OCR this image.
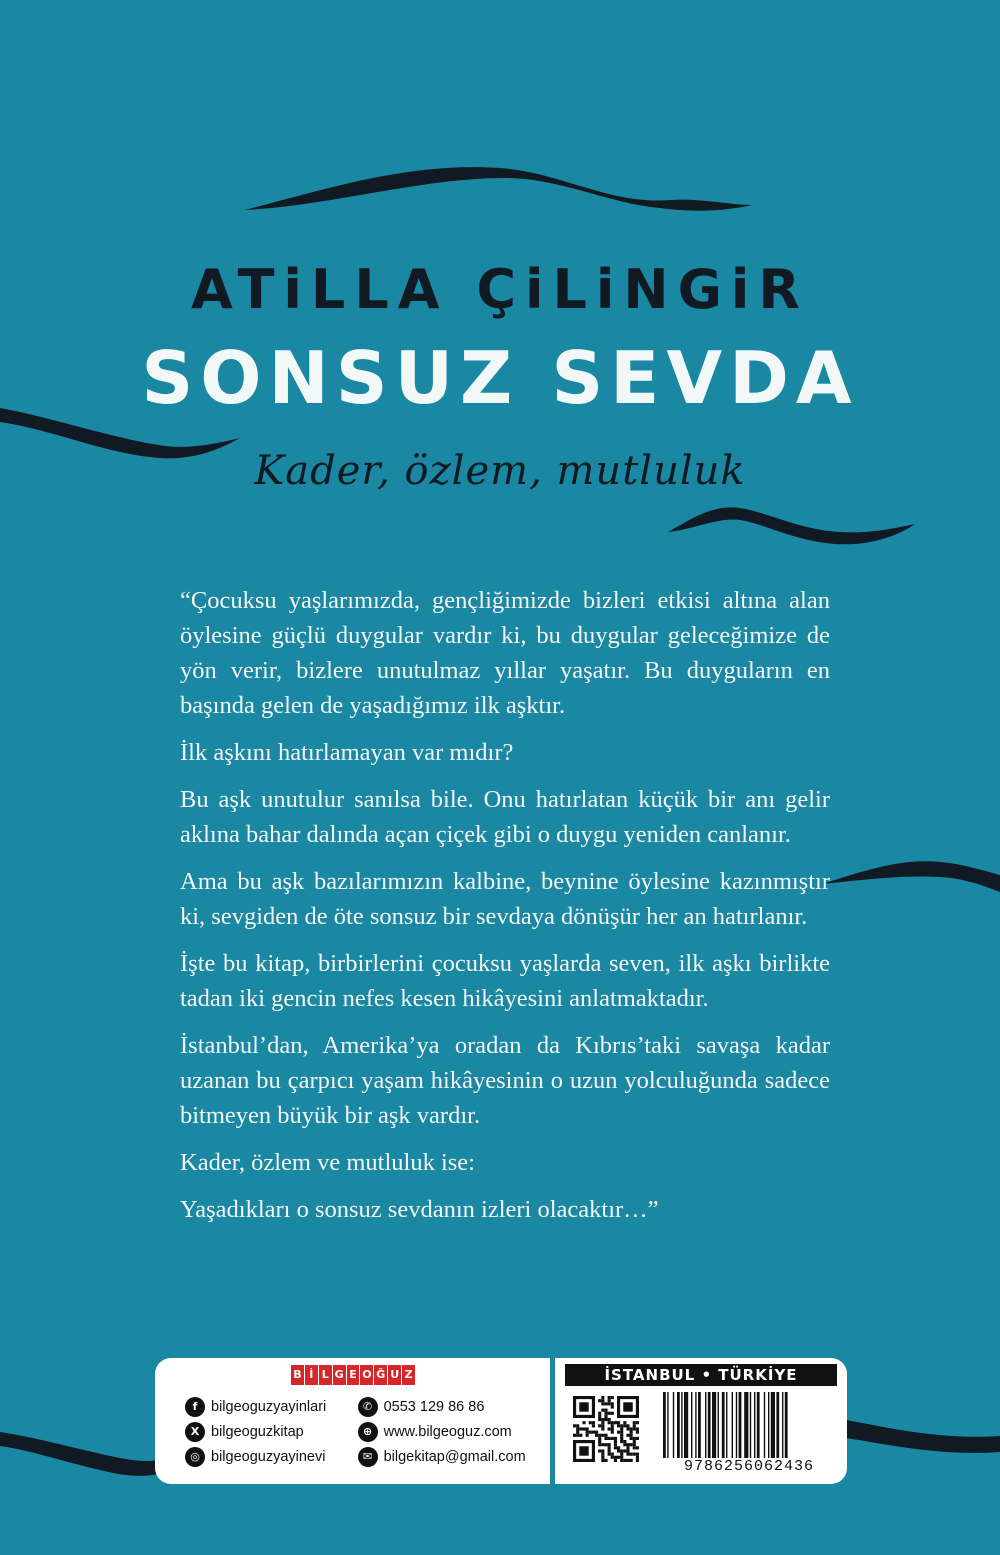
ATiLLA ÇiLiNGiR
SONSUZ SEVDA
Kader, özlem, mutluluk

“Çocuksu yaşlarımızda, gençliğimizde bizleri etkisi altına alan öylesine güçlü duygular vardır ki, bu duygular geleceğimize de yön verir, bizlere unutulmaz yıllar yaşatır. Bu duyguların en başında gelen de yaşadığımız ilk aşktır.

İlk aşkını hatırlamayan var mıdır?

Bu aşk unutulur sanılsa bile. Onu hatırlatan küçük bir anı gelir aklına bahar dalında açan çiçek gibi o duygu yeniden canlanır.

Ama bu aşk bazılarımızın kalbine, beynine öylesine kazınmıştır ki, sevgiden de öte sonsuz bir sevdaya dönüşür her an hatırlanır.

İşte bu kitap, birbirlerini çocuksu yaşlarda seven, ilk aşkı birlikte tadan iki gencin nefes kesen hikâyesini anlatmaktadır.

İstanbul’dan, Amerika’ya oradan da Kıbrıs’taki savaşa kadar uzanan bu çarpıcı yaşam hikâyesinin o uzun yolculuğunda sadece bitmeyen büyük bir aşk vardır.

Kader, özlem ve mutluluk ise:

Yaşadıkları o sonsuz sevdanın izleri olacaktır…”

B İ L G E O Ğ U Z
f bilgeoguzyayinlari	✆ 0553 129 86 86
X bilgeoguzkitap	⊕ www.bilgeoguz.com
◎ bilgeoguzyayinevi	✉ bilgekitap@gmail.com
İSTANBUL • TÜRKİYE
9786256062436
